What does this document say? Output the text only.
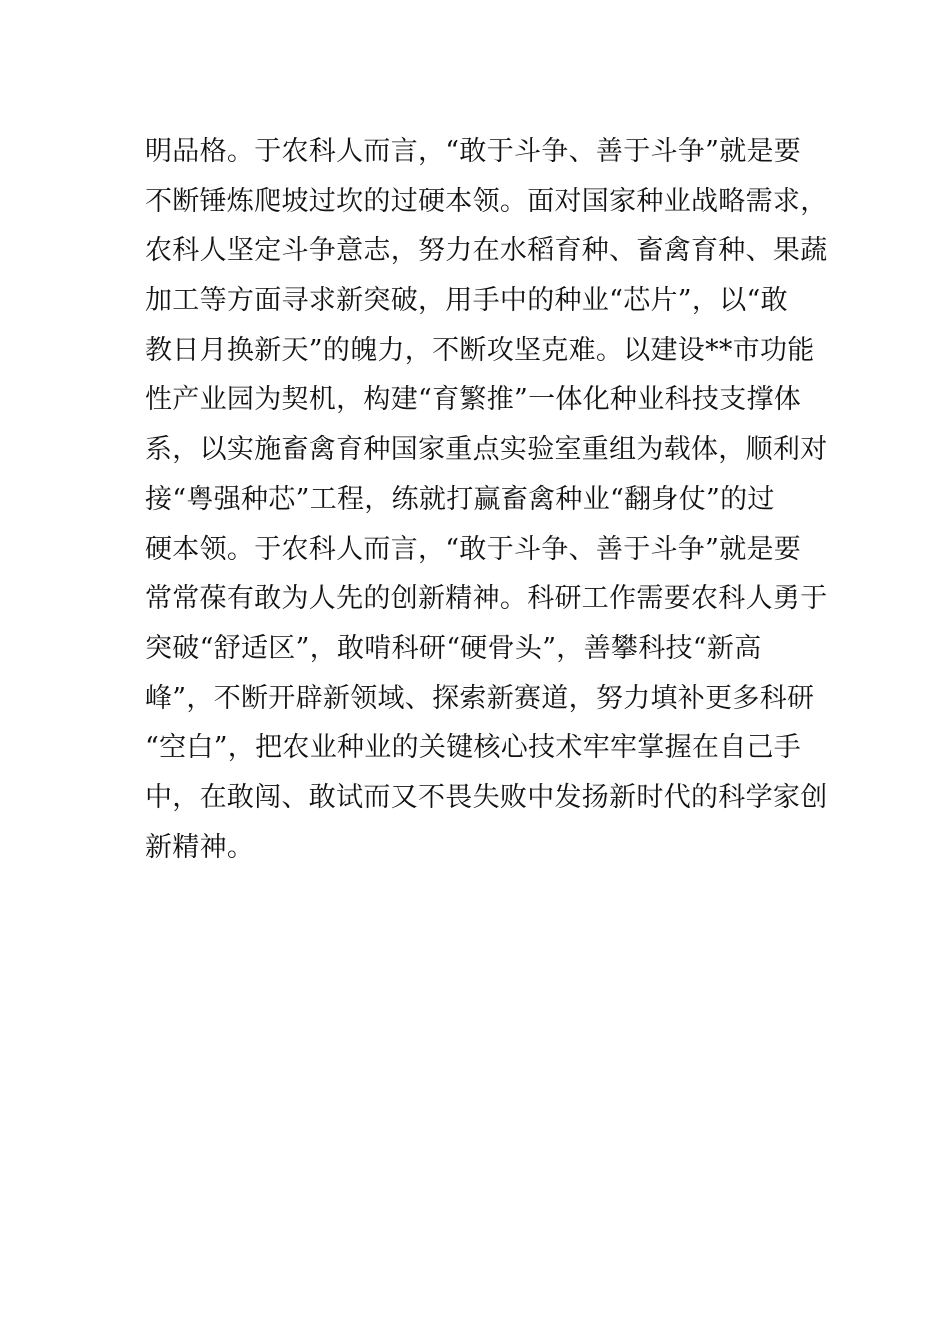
明品格。于农科人而言，“敢于斗争、善于斗争”就是要
不断锤炼爬坡过坎的过硬本领。面对国家种业战略需求，
农科人坚定斗争意志，努力在水稻育种、畜禽育种、果蔬
加工等方面寻求新突破，用手中的种业“芯片”，以“敢
教日月换新天”的魄力，不断攻坚克难。以建设**市功能
性产业园为契机，构建“育繁推”一体化种业科技支撑体
系，以实施畜禽育种国家重点实验室重组为载体，顺利对
接“粤强种芯”工程，练就打赢畜禽种业“翻身仗”的过
硬本领。于农科人而言，“敢于斗争、善于斗争”就是要
常常葆有敢为人先的创新精神。科研工作需要农科人勇于
突破“舒适区”，敢啃科研“硬骨头”，善攀科技“新高
峰”，不断开辟新领域、探索新赛道，努力填补更多科研
“空白”，把农业种业的关键核心技术牢牢掌握在自己手
中，在敢闯、敢试而又不畏失败中发扬新时代的科学家创
新精神。
